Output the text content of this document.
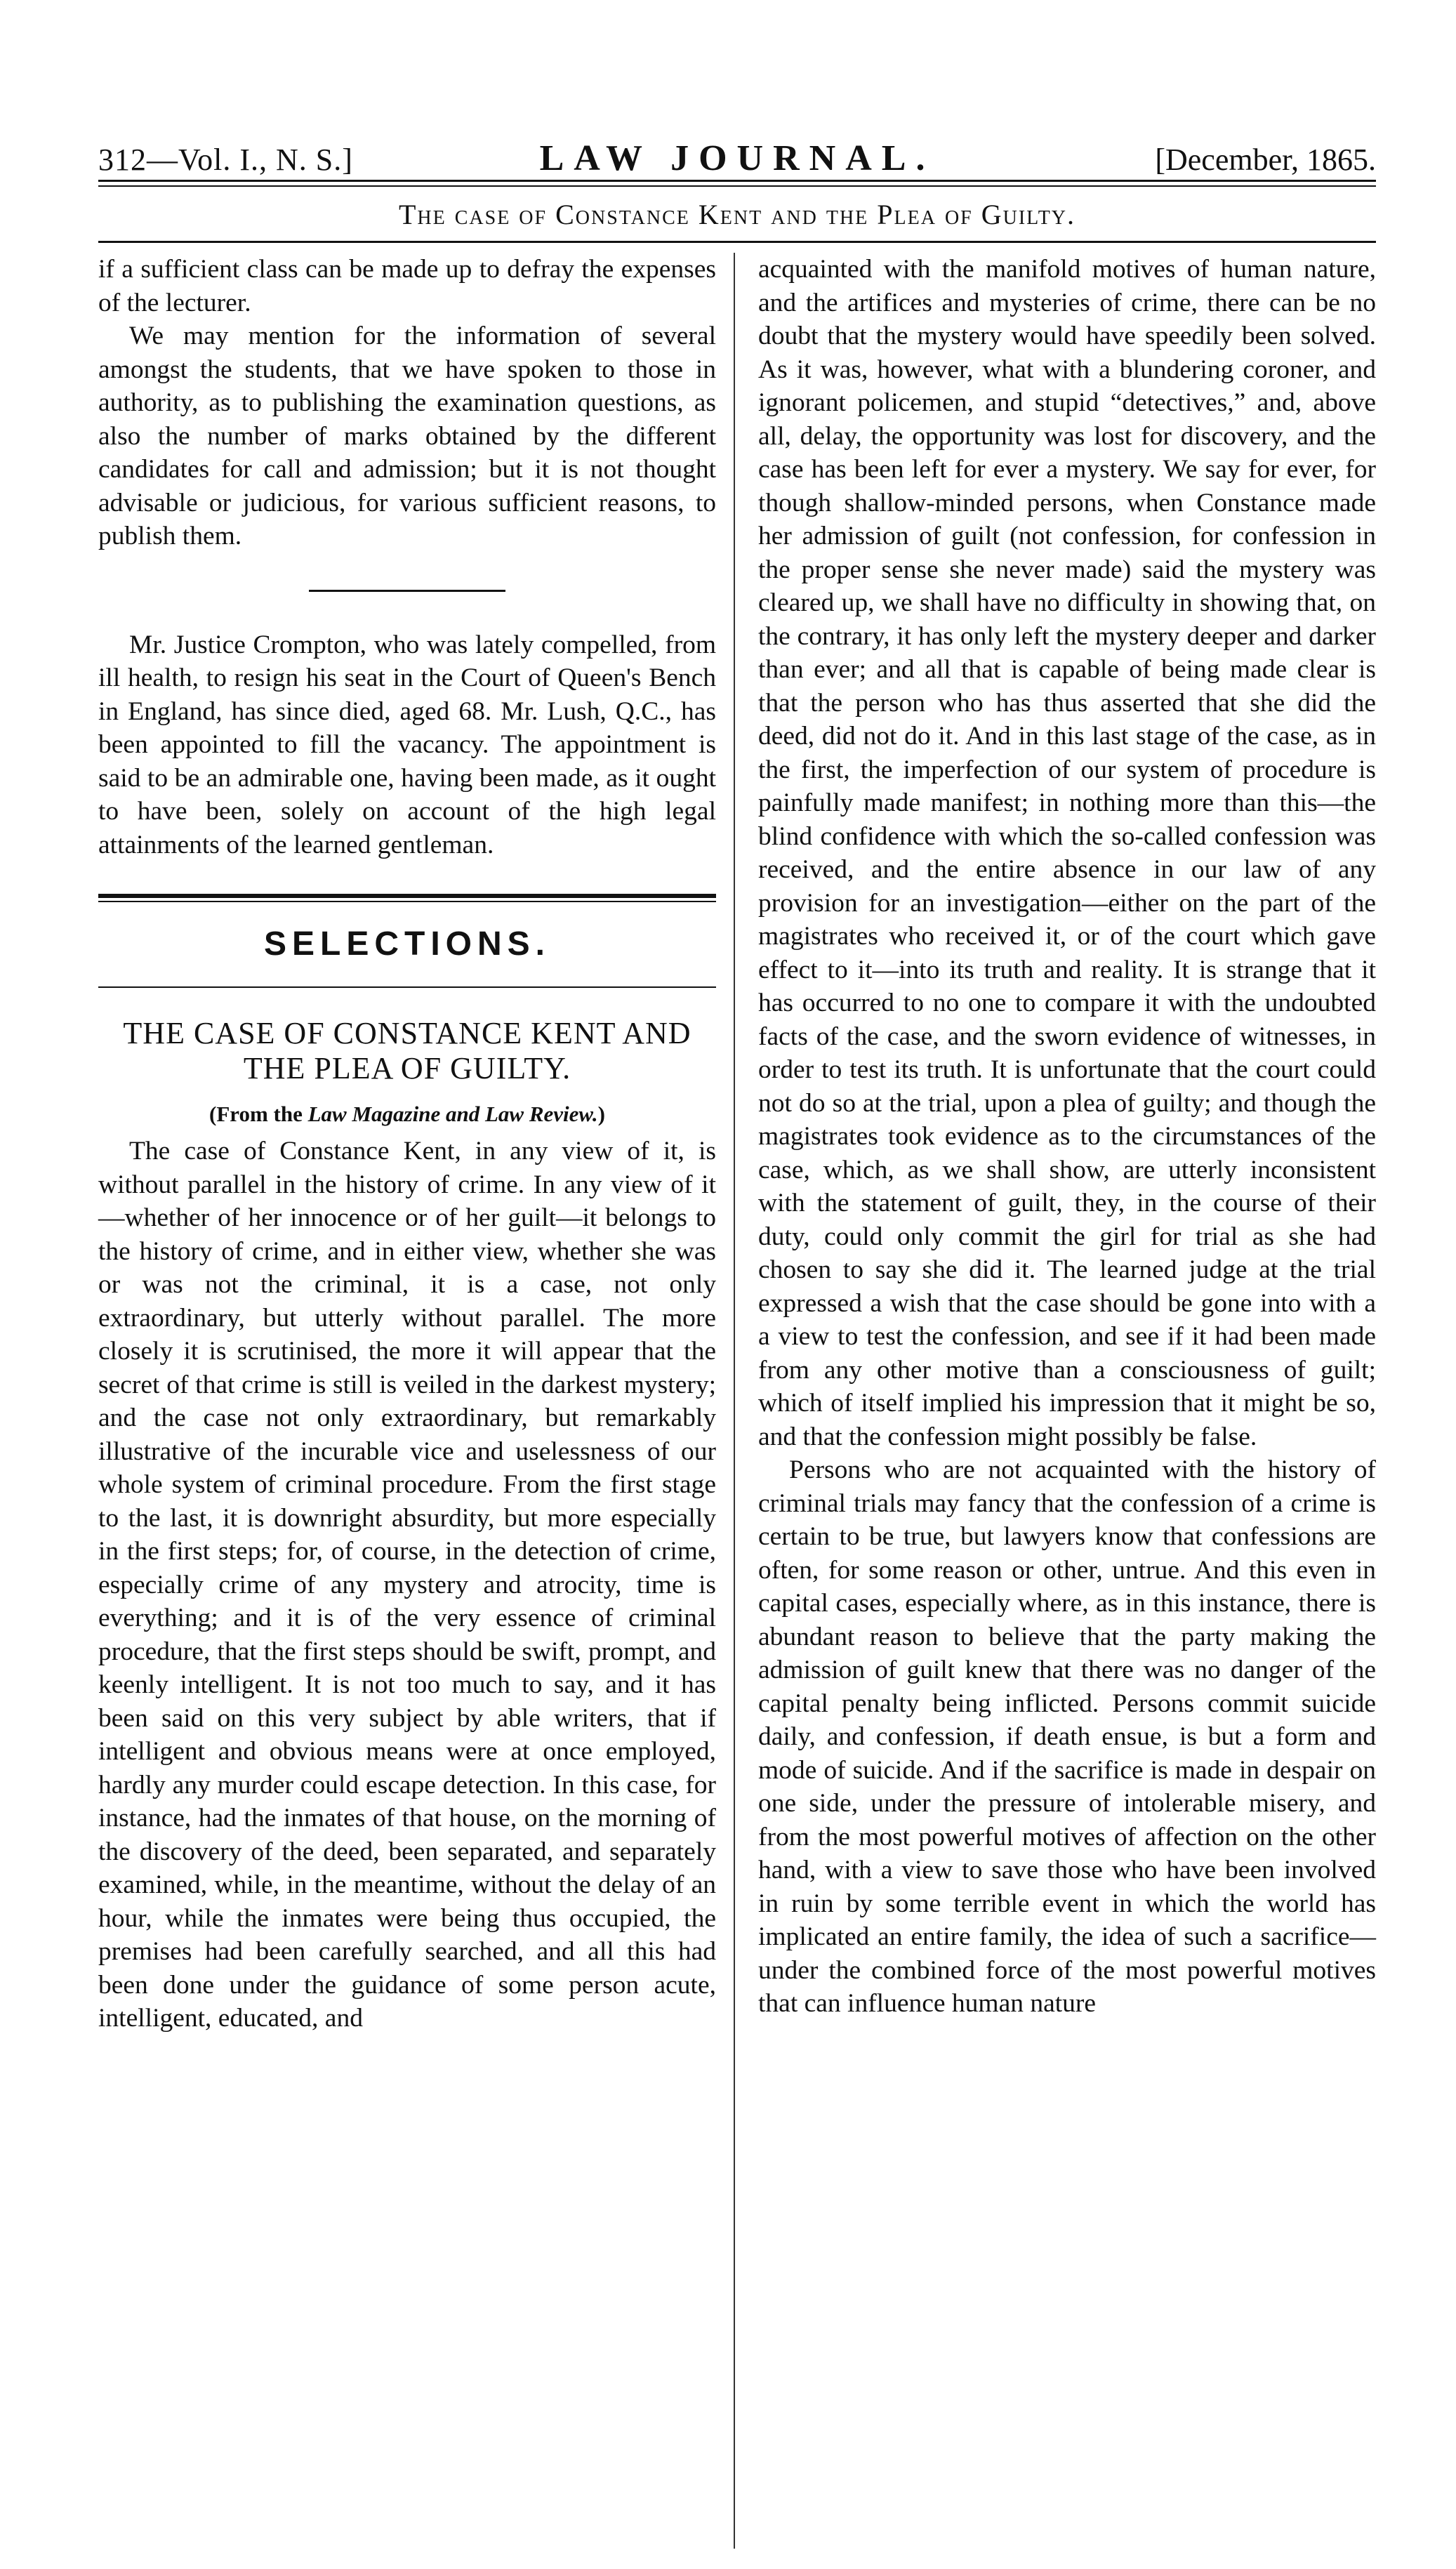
312—Vol. I., N. S.]	LAW JOURNAL.	[December, 1865.
The case of Constance Kent and the Plea of Guilty.

if a sufficient class can be made up to defray the expenses of the lecturer.

We may mention for the information of several amongst the students, that we have spoken to those in authority, as to publishing the examination questions, as also the number of marks obtained by the different candidates for call and admission; but it is not thought advisable or judicious, for various sufficient reasons, to publish them.

Mr. Justice Crompton, who was lately compelled, from ill health, to resign his seat in the Court of Queen's Bench in England, has since died, aged 68. Mr. Lush, Q.C., has been appointed to fill the vacancy. The appointment is said to be an admirable one, having been made, as it ought to have been, solely on account of the high legal attainments of the learned gentleman.

SELECTIONS.
THE CASE OF CONSTANCE KENT AND THE PLEA OF GUILTY.
(From the Law Magazine and Law Review.)

The case of Constance Kent, in any view of it, is without parallel in the history of crime. In any view of it—whether of her innocence or of her guilt—it belongs to the history of crime, and in either view, whether she was or was not the criminal, it is a case, not only extraordinary, but utterly without parallel. The more closely it is scrutinised, the more it will appear that the secret of that crime is still is veiled in the darkest mystery; and the case not only extraordinary, but remarkably illustrative of the incurable vice and uselessness of our whole system of criminal procedure. From the first stage to the last, it is downright absurdity, but more especially in the first steps; for, of course, in the detection of crime, especially crime of any mystery and atrocity, time is everything; and it is of the very essence of criminal procedure, that the first steps should be swift, prompt, and keenly intelligent. It is not too much to say, and it has been said on this very subject by able writers, that if intelligent and obvious means were at once employed, hardly any murder could escape detection. In this case, for instance, had the inmates of that house, on the morning of the discovery of the deed, been separated, and separately examined, while, in the meantime, without the delay of an hour, while the inmates were being thus occupied, the premises had been carefully searched, and all this had been done under the guidance of some person acute, intelligent, educated, and

acquainted with the manifold motives of human nature, and the artifices and mysteries of crime, there can be no doubt that the mystery would have speedily been solved. As it was, however, what with a blundering coroner, and ignorant policemen, and stupid “detectives,” and, above all, delay, the opportunity was lost for discovery, and the case has been left for ever a mystery. We say for ever, for though shallow-minded persons, when Constance made her admission of guilt (not confession, for confession in the proper sense she never made) said the mystery was cleared up, we shall have no difficulty in showing that, on the contrary, it has only left the mystery deeper and darker than ever; and all that is capable of being made clear is that the person who has thus asserted that she did the deed, did not do it. And in this last stage of the case, as in the first, the imperfection of our system of procedure is painfully made manifest; in nothing more than this—the blind confidence with which the so-called confession was received, and the entire absence in our law of any provision for an investigation—either on the part of the magistrates who received it, or of the court which gave effect to it—into its truth and reality. It is strange that it has occurred to no one to compare it with the undoubted facts of the case, and the sworn evidence of witnesses, in order to test its truth. It is unfortunate that the court could not do so at the trial, upon a plea of guilty; and though the magistrates took evidence as to the circumstances of the case, which, as we shall show, are utterly inconsistent with the statement of guilt, they, in the course of their duty, could only commit the girl for trial as she had chosen to say she did it. The learned judge at the trial expressed a wish that the case should be gone into with a a view to test the confession, and see if it had been made from any other motive than a consciousness of guilt; which of itself implied his impression that it might be so, and that the confession might possibly be false.

Persons who are not acquainted with the history of criminal trials may fancy that the confession of a crime is certain to be true, but lawyers know that confessions are often, for some reason or other, untrue. And this even in capital cases, especially where, as in this instance, there is abundant reason to believe that the party making the admission of guilt knew that there was no danger of the capital penalty being inflicted. Persons commit suicide daily, and confession, if death ensue, is but a form and mode of suicide. And if the sacrifice is made in despair on one side, under the pressure of intolerable misery, and from the most powerful motives of affection on the other hand, with a view to save those who have been involved in ruin by some terrible event in which the world has implicated an entire family, the idea of such a sacrifice—under the combined force of the most powerful motives that can influence human nature
